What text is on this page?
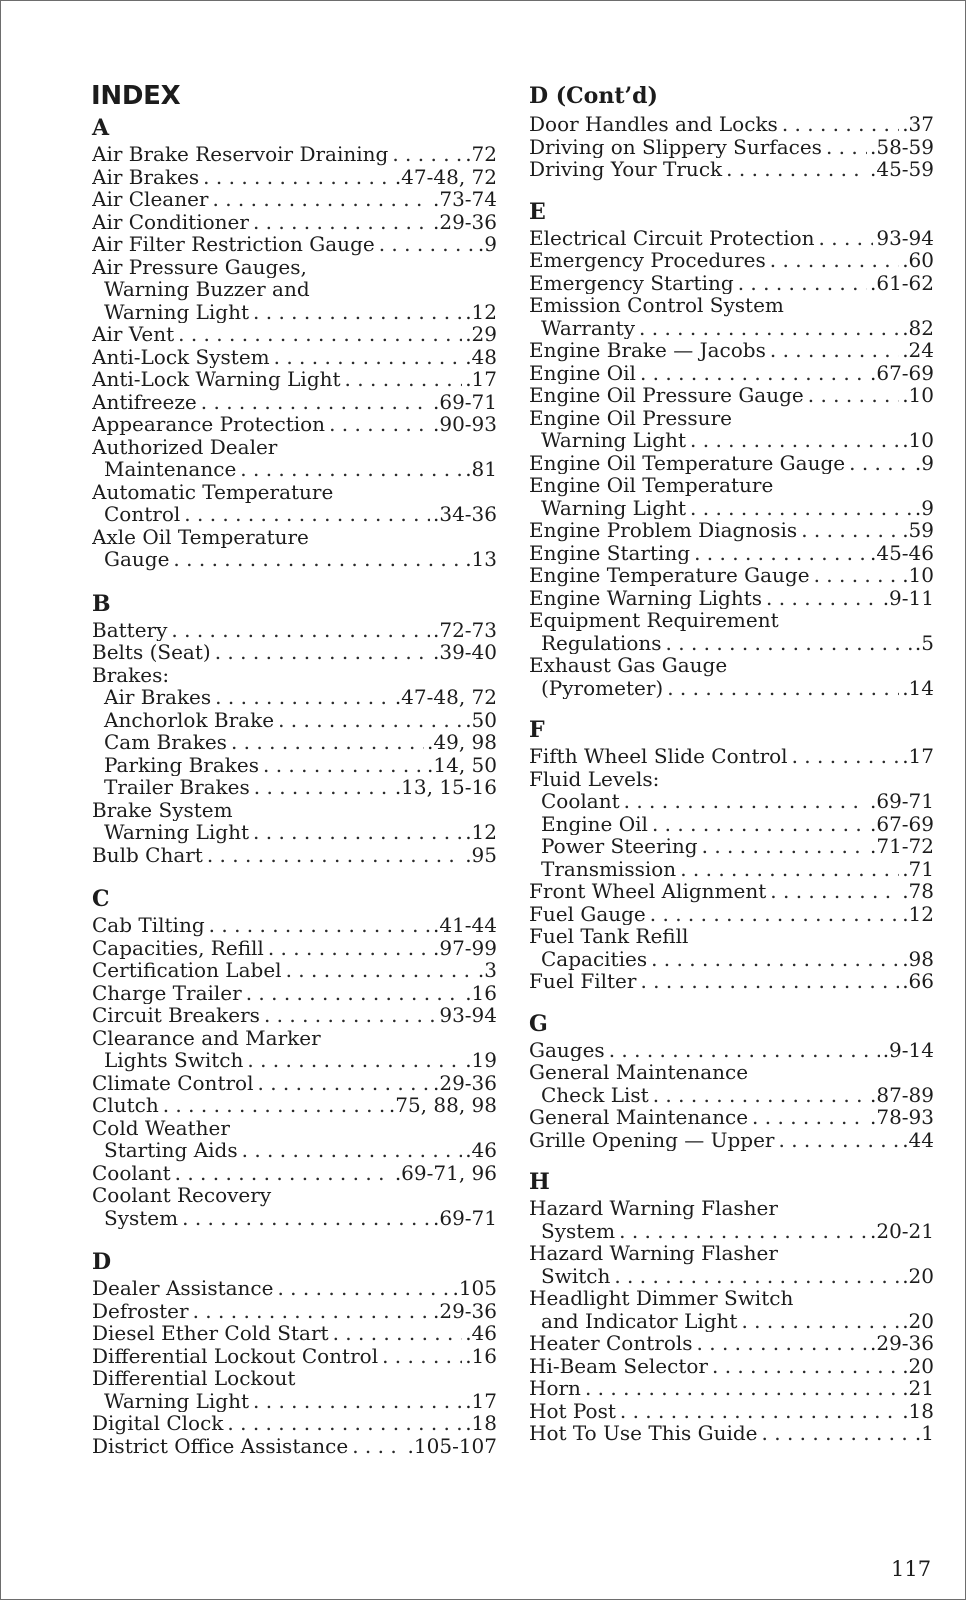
INDEX
A
Air Brake Reservoir Draining . . .	.72
Air Brakes . . .	.47-48, 72
Air Cleaner . . .	.73-74
Air Conditioner . . .	.29-36
Air Filter Restriction Gauge . . .	.9
Air Pressure Gauges,
Warning Buzzer and
Warning Light . . .	.12
Air Vent . . .	.29
Anti-Lock System . . .	.48
Anti-Lock Warning Light . . .	.17
Antifreeze . . .	.69-71
Appearance Protection . . .	.90-93
Authorized Dealer
Maintenance . . .	.81
Automatic Temperature
Control . . .	.34-36
Axle Oil Temperature
Gauge . . .	.13
B
Battery . . .	.72-73
Belts (Seat) . . .	.39-40
Brakes:
Air Brakes . . .	.47-48, 72
Anchorlok Brake . . .	.50
Cam Brakes . . .	.49, 98
Parking Brakes . . .	.14, 50
Trailer Brakes . . .	.13, 15-16
Brake System
Warning Light . . .	.12
Bulb Chart . . .	.95
C
Cab Tilting . . .	.41-44
Capacities, Refill . . .	.97-99
Certification Label . . .	.3
Charge Trailer . . .	.16
Circuit Breakers . . .	93-94
Clearance and Marker
Lights Switch . . .	.19
Climate Control . . .	.29-36
Clutch . . .	.75, 88, 98
Cold Weather
Starting Aids . . .	.46
Coolant . . .	.69-71, 96
Coolant Recovery
System . . .	.69-71
D
Dealer Assistance . . .	.105
Defroster . . .	.29-36
Diesel Ether Cold Start . . .	.46
Differential Lockout Control . . .	.16
Differential Lockout
Warning Light . . .	.17
Digital Clock . . .	.18
District Office Assistance . . .	.105-107
D (Cont’d)
Door Handles and Locks . . .	.37
Driving on Slippery Surfaces . . . .58-59
Driving Your Truck . . .	.45-59
E
Electrical Circuit Protection . . .	93-94
Emergency Procedures . . .	.60
Emergency Starting . . .	.61-62
Emission Control System
Warranty . . .	.82
Engine Brake — Jacobs . . .	.24
Engine Oil . . .	.67-69
Engine Oil Pressure Gauge . . .	.10
Engine Oil Pressure
Warning Light . . .	.10
Engine Oil Temperature Gauge . . .	.9
Engine Oil Temperature
Warning Light . . .	.9
Engine Problem Diagnosis . . .	.59
Engine Starting . . .	.45-46
Engine Temperature Gauge . . .	.10
Engine Warning Lights . . .	.9-11
Equipment Requirement
Regulations . . .	.5
Exhaust Gas Gauge
(Pyrometer) . . .	.14
F
Fifth Wheel Slide Control . . .	.17
Fluid Levels:
Coolant . . .	.69-71
Engine Oil . . .	.67-69
Power Steering . . .	.71-72
Transmission . . .	.71
Front Wheel Alignment . . .	.78
Fuel Gauge . . .	.12
Fuel Tank Refill
Capacities . . .	.98
Fuel Filter . . .	.66
G
Gauges . . .	.9-14
General Maintenance
Check List . . .	.87-89
General Maintenance . . .	.78-93
Grille Opening — Upper . . .	.44
H
Hazard Warning Flasher
System . . .	.20-21
Hazard Warning Flasher
Switch . . .	.20
Headlight Dimmer Switch
and Indicator Light . . .	.20
Heater Controls . . .	.29-36
Hi-Beam Selector . . .	.20
Horn . . .	.21
Hot Post . . .	.18
Hot To Use This Guide . . .	.1
117
